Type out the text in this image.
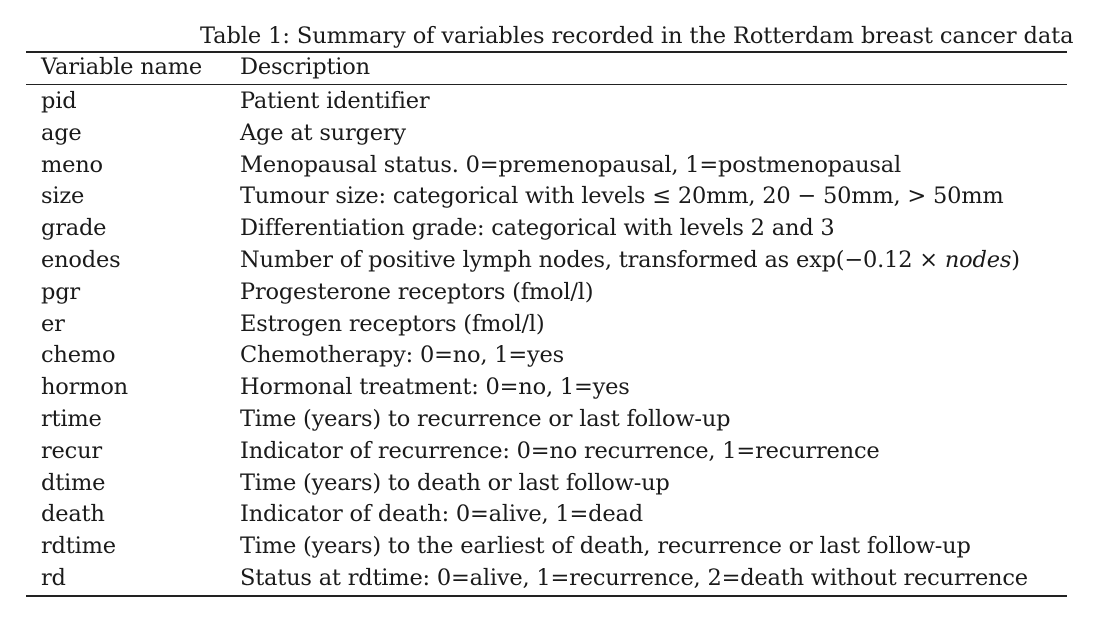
Table 1: Summary of variables recorded in the Rotterdam breast cancer data
Variable name Description
pid	Patient identifier
age	Age at surgery
meno	Menopausal status. 0=premenopausal, 1=postmenopausal
size	Tumour size: categorical with levels ≤ 20mm, 20 − 50mm, > 50mm
grade	Differentiation grade: categorical with levels 2 and 3
enodes	Number of positive lymph nodes, transformed as exp(−0.12 × nodes)
pgr	Progesterone receptors (fmol/l)
er	Estrogen receptors (fmol/l)
chemo	Chemotherapy: 0=no, 1=yes
hormon	Hormonal treatment: 0=no, 1=yes
rtime	Time (years) to recurrence or last follow-up
recur	Indicator of recurrence: 0=no recurrence, 1=recurrence
dtime	Time (years) to death or last follow-up
death	Indicator of death: 0=alive, 1=dead
rdtime	Time (years) to the earliest of death, recurrence or last follow-up
rd	Status at rdtime: 0=alive, 1=recurrence, 2=death without recurrence
